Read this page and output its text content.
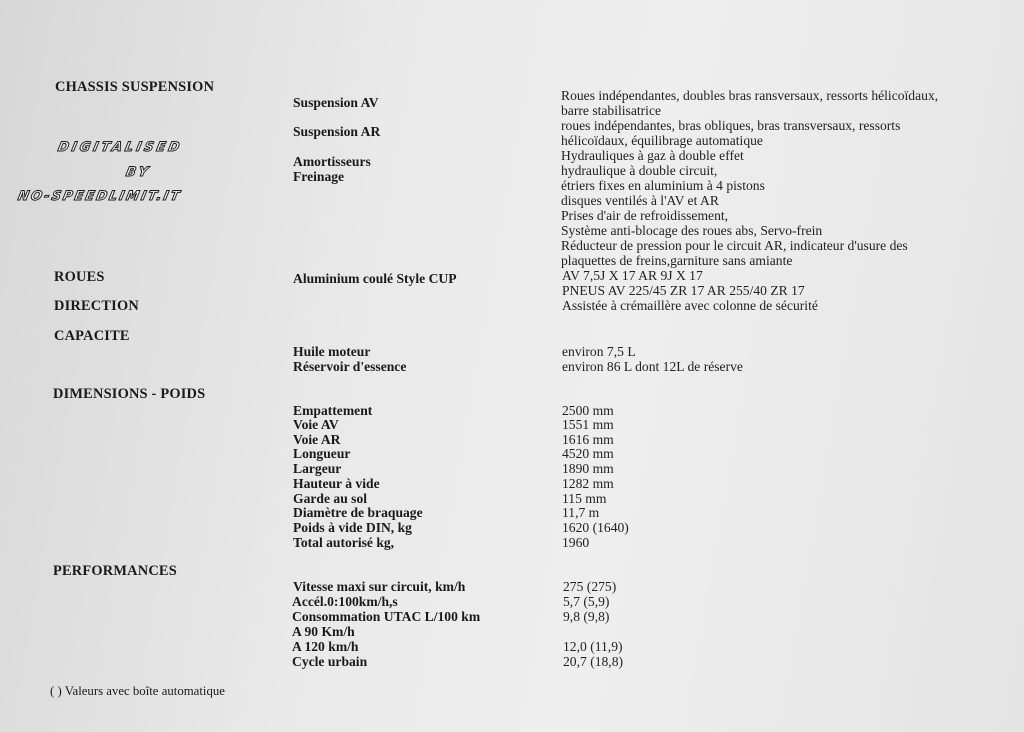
DIGITALISED
BY
NO-SPEEDLIMIT.IT
CHASSIS SUSPENSION
ROUES
DIRECTION
CAPACITE
DIMENSIONS - POIDS
PERFORMANCES
Suspension AV
Suspension AR
Amortisseurs
Freinage
Aluminium coulé Style CUP
Huile moteur
Réservoir d'essence
Empattement
Voie AV
Voie AR
Longueur
Largeur
Hauteur à vide
Garde au sol
Diamètre de braquage
Poids à vide DIN, kg
Total autorisé kg,
Vitesse maxi sur circuit, km/h
Accél.0:100km/h,s
Consommation UTAC L/100 km
A 90 Km/h
A 120 km/h
Cycle urbain
Roues indépendantes, doubles bras ransversaux, ressorts hélicoïdaux,
barre stabilisatrice
roues indépendantes, bras obliques, bras transversaux, ressorts
hélicoïdaux, équilibrage automatique
Hydrauliques à gaz à double effet
hydraulique à double circuit,
étriers fixes en aluminium à 4 pistons
disques ventilés à l'AV et AR
Prises d'air de refroidissement,
Système anti-blocage des roues abs, Servo-frein
Réducteur de pression pour le circuit AR, indicateur d'usure des
plaquettes de freins,garniture sans amiante
AV 7,5J X 17 AR 9J X 17
PNEUS AV 225/45 ZR 17 AR 255/40 ZR 17
Assistée à crémaillère avec colonne de sécurité
environ 7,5 L
environ 86 L dont 12L de réserve
2500 mm
1551 mm
1616 mm
4520 mm
1890 mm
1282 mm
115 mm
11,7 m
1620 (1640)
1960
275 (275)
5,7 (5,9)
9,8 (9,8)
12,0 (11,9)
20,7 (18,8)
( ) Valeurs avec boîte automatique
